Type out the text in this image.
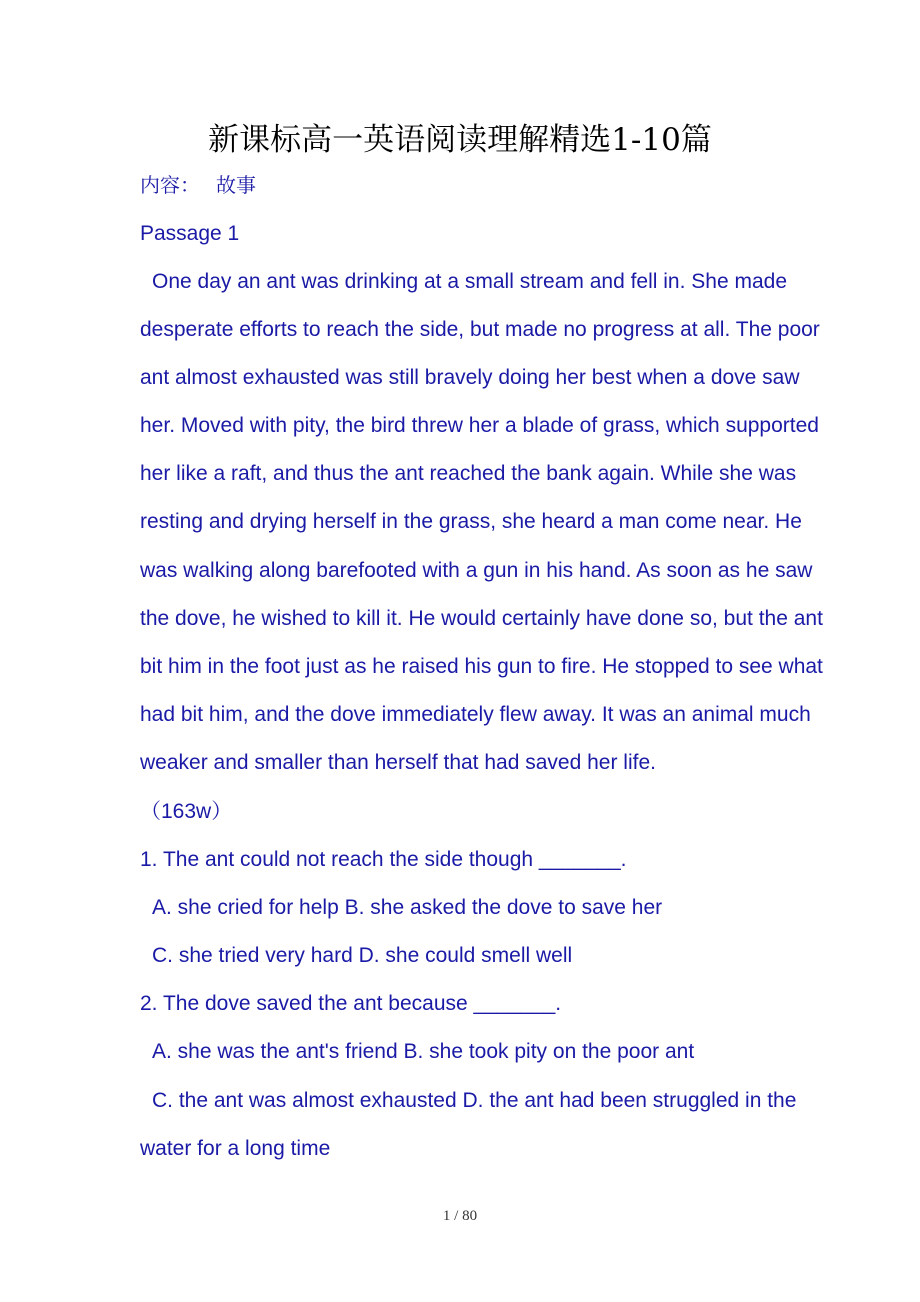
新课标高一英语阅读理解精选1-10篇
内容： 故事
Passage 1
One day an ant was drinking at a small stream and fell in. She made
desperate efforts to reach the side, but made no progress at all. The poor
ant almost exhausted was still bravely doing her best when a dove saw
her. Moved with pity, the bird threw her a blade of grass, which supported
her like a raft, and thus the ant reached the bank again. While she was
resting and drying herself in the grass, she heard a man come near. He
was walking along barefooted with a gun in his hand. As soon as he saw
the dove, he wished to kill it. He would certainly have done so, but the ant
bit him in the foot just as he raised his gun to fire. He stopped to see what
had bit him, and the dove immediately flew away. It was an animal much
weaker and smaller than herself that had saved her life.
（163w）
1. The ant could not reach the side though _______.
A. she cried for help B. she asked the dove to save her
C. she tried very hard D. she could smell well
2. The dove saved the ant because _______.
A. she was the ant's friend B. she took pity on the poor ant
C. the ant was almost exhausted D. the ant had been struggled in the
water for a long time
1 / 80
